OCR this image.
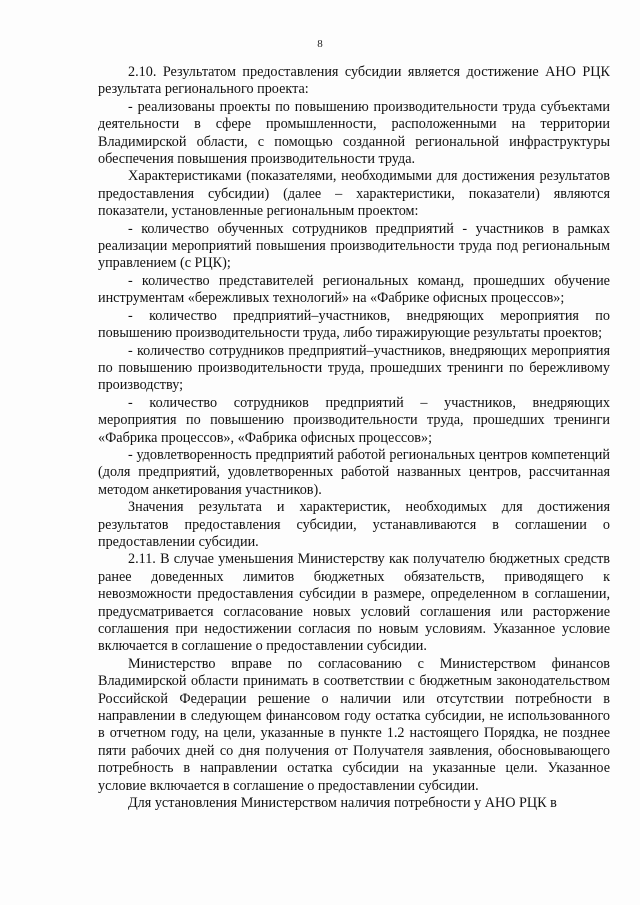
8

2.10. Результатом предоставления субсидии является достижение АНО РЦК результата регионального проекта:

- реализованы проекты по повышению производительности труда субъектами деятельности в сфере промышленности, расположенными на территории Владимирской области, с помощью созданной региональной инфраструктуры обеспечения повышения производительности труда.

Характеристиками (показателями, необходимыми для достижения результатов предоставления субсидии) (далее – характеристики, показатели) являются показатели, установленные региональным проектом:

- количество обученных сотрудников предприятий - участников в рамках реализации мероприятий повышения производительности труда под региональным управлением (с РЦК);

- количество представителей региональных команд, прошедших обучение инструментам «бережливых технологий» на «Фабрике офисных процессов»;

- количество предприятий–участников, внедряющих мероприятия по повышению производительности труда, либо тиражирующие результаты проектов;

- количество сотрудников предприятий–участников, внедряющих мероприятия по повышению производительности труда, прошедших тренинги по бережливому производству;

- количество сотрудников предприятий – участников, внедряющих мероприятия по повышению производительности труда, прошедших тренинги «Фабрика процессов», «Фабрика офисных процессов»;

- удовлетворенность предприятий работой региональных центров компетенций (доля предприятий, удовлетворенных работой названных центров, рассчитанная методом анкетирования участников).

Значения результата и характеристик, необходимых для достижения результатов предоставления субсидии, устанавливаются в соглашении о предоставлении субсидии.

2.11. В случае уменьшения Министерству как получателю бюджетных средств ранее доведенных лимитов бюджетных обязательств, приводящего к невозможности предоставления субсидии в размере, определенном в соглашении, предусматривается согласование новых условий соглашения или расторжение соглашения при недостижении согласия по новым условиям. Указанное условие включается в соглашение о предоставлении субсидии.

Министерство вправе по согласованию с Министерством финансов Владимирской области принимать в соответствии с бюджетным законодательством Российской Федерации решение о наличии или отсутствии потребности в направлении в следующем финансовом году остатка субсидии, не использованного в отчетном году, на цели, указанные в пункте 1.2 настоящего Порядка, не позднее пяти рабочих дней со дня получения от Получателя заявления, обосновывающего потребность в направлении остатка субсидии на указанные цели. Указанное условие включается в соглашение о предоставлении субсидии.

Для установления Министерством наличия потребности у АНО РЦК в
